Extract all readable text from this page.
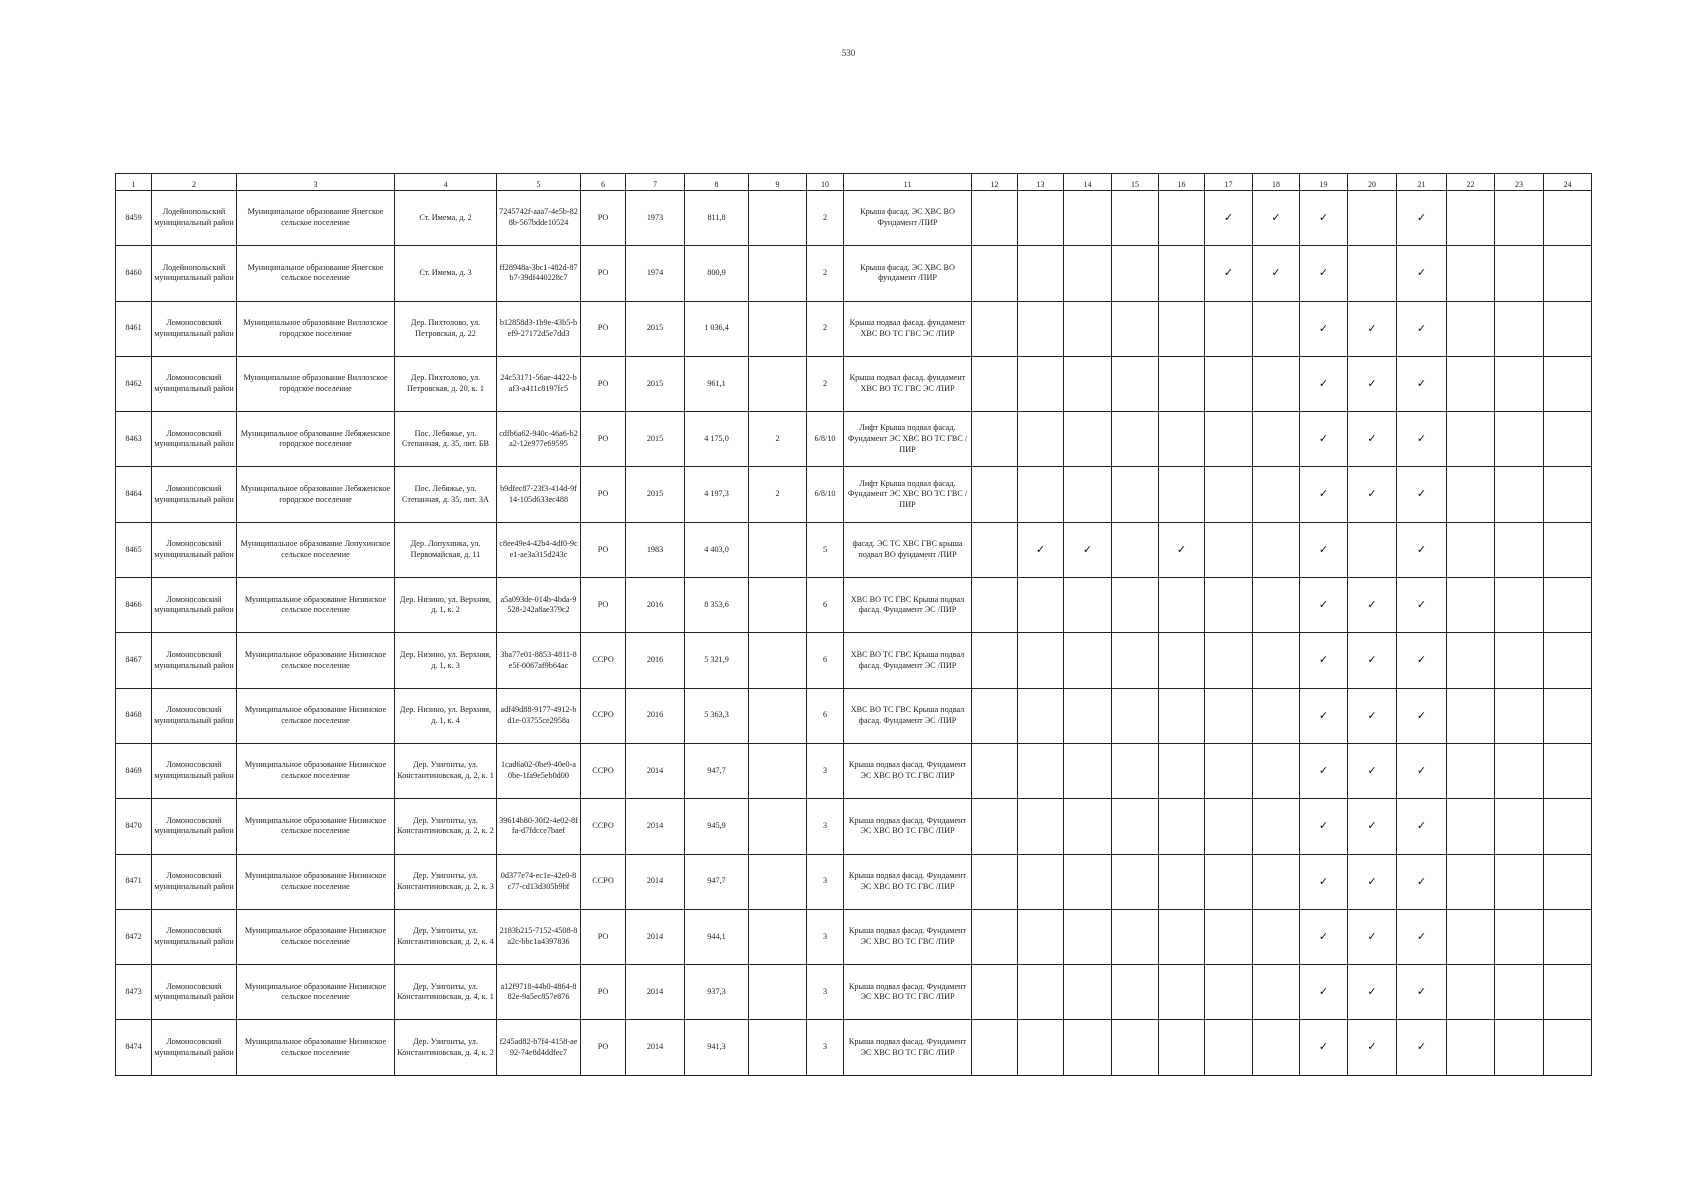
530
1	2	3	4	5	6	7	8	9	10	11	12	13	14	15	16	17	18	19	20	21	22	23	24
8459	Лодейнопольский муниципальный район	Муниципальное образование Янегское сельское поселение	Ст. Имема, д. 2	7245742f-aaa7-4e5b-828b-567bdde10524	РО	1973	811,8		2	Крыша фасад. ЭС ХВС ВО Фундамент /ПИР						✓	✓	✓		✓			
8460	Лодейнопольский муниципальный район	Муниципальное образование Янегское сельское поселение	Ст. Имема, д. 3	ff28948a-3bc1-482d-87b7-39df440228c7	РО	1974	800,9		2	Крыша фасад. ЭС ХВС ВО фундамент /ПИР						✓	✓	✓		✓			
8461	Ломоносовский муниципальный район	Муниципальное образование Виллозское городское поселение	Дер. Пихтолово, ул. Петровская, д. 22	b12858d3-1b9e-43b5-bef9-27172d5e7dd3	РО	2015	1 036,4		2	Крыша подвал фасад. фундамент ХВС ВО ТС ГВС ЭС /ПИР								✓	✓	✓			
8462	Ломоносовский муниципальный район	Муниципальное образование Виллозское городское поселение	Дер. Пихтолово, ул. Петровская, д. 20, к. 1	24c53171-56ae-4422-baf3-a411c8197fc5	РО	2015	961,1		2	Крыша подвал фасад. фундамент ХВС ВО ТС ГВС ЭС /ПИР								✓	✓	✓			
8463	Ломоносовский муниципальный район	Муниципальное образование Лебяженское городское поселение	Пос. Лебяжье, ул. Степанная, д. 35, лит. БВ	cdfb6a62-940c-46a6-b2a2-12e977e69595	РО	2015	4 175,0	2	6/8/10	Лифт Крыша подвал фасад. Фундамент ЭС ХВС ВО ТС ГВС /ПИР								✓	✓	✓			
8464	Ломоносовский муниципальный район	Муниципальное образование Лебяженское городское поселение	Пос. Лебяжье, ул. Степанная, д. 35, лит. ЗА	b9dfec87-23f3-414d-9f14-105d633ec488	РО	2015	4 197,3	2	6/8/10	Лифт Крыша подвал фасад. Фундамент ЭС ХВС ВО ТС ГВС /ПИР								✓	✓	✓			
8465	Ломоносовский муниципальный район	Муниципальное образование Лопухинское сельское поселение	Дер. Лопухинка, ул. Первомайская, д. 11	c8ee49e4-42b4-4df0-9ce1-ae3a315d243c	РО	1983	4 403,0		5	фасад. ЭС ТС ХВС ГВС крыша подвал ВО фундамент /ПИР		✓	✓		✓			✓		✓			
8466	Ломоносовский муниципальный район	Муниципальное образование Низинское сельское поселение	Дер. Низино, ул. Верхняя, д. 1, к. 2	a5a093de-014b-4bda-9528-242a8ae379c2	РО	2016	8 353,6		6	ХВС ВО ТС ГВС Крыша подвал фасад. Фундамент ЭС /ПИР								✓	✓	✓			
8467	Ломоносовский муниципальный район	Муниципальное образование Низинское сельское поселение	Дер. Низино, ул. Верхняя, д. 1, к. 3	3ba77e01-8853-4811-8e5f-0067af9b64ac	ССРО	2016	5 321,9		6	ХВС ВО ТС ГВС Крыша подвал фасад. Фундамент ЭС /ПИР								✓	✓	✓			
8468	Ломоносовский муниципальный район	Муниципальное образование Низинское сельское поселение	Дер. Низино, ул. Верхняя, д. 1, к. 4	adf49d88-9177-4912-bd1e-03755ce2958a	ССРО	2016	5 363,3		6	ХВС ВО ТС ГВС Крыша подвал фасад. Фундамент ЭС /ПИР								✓	✓	✓			
8469	Ломоносовский муниципальный район	Муниципальное образование Низинское сельское поселение	Дер. Узигонты, ул. Константиновская, д. 2, к. 1	1cad6a02-0be9-40e0-a0be-1fa9e5eb0d00	ССРО	2014	947,7		3	Крыша подвал фасад. Фундамент ЭС ХВС ВО ТС ГВС /ПИР								✓	✓	✓			
8470	Ломоносовский муниципальный район	Муниципальное образование Низинское сельское поселение	Дер. Узигонты, ул. Константиновская, д. 2, к. 2	39614b80-30f2-4e02-8ffa-d7fdcce7baef	ССРО	2014	945,9		3	Крыша подвал фасад. Фундамент ЭС ХВС ВО ТС ГВС /ПИР								✓	✓	✓			
8471	Ломоносовский муниципальный район	Муниципальное образование Низинское сельское поселение	Дер. Узигонты, ул. Константиновская, д. 2, к. 3	0d377e74-ec1e-42e0-8c77-cd13d305b9bf	ССРО	2014	947,7		3	Крыша подвал фасад. Фундамент ЭС ХВС ВО ТС ГВС /ПИР								✓	✓	✓			
8472	Ломоносовский муниципальный район	Муниципальное образование Низинское сельское поселение	Дер. Узигонты, ул. Константиновская, д. 2, к. 4	2183b215-7152-4508-8a2c-bbc1a4397836	РО	2014	944,1		3	Крыша подвал фасад. Фундамент ЭС ХВС ВО ТС ГВС /ПИР								✓	✓	✓			
8473	Ломоносовский муниципальный район	Муниципальное образование Низинское сельское поселение	Дер. Узигонты, ул. Константиновская, д. 4, к. 1	a12f9718-44b0-4864-882e-9a5ec857e876	РО	2014	937,3		3	Крыша подвал фасад. Фундамент ЭС ХВС ВО ТС ГВС /ПИР								✓	✓	✓			
8474	Ломоносовский муниципальный район	Муниципальное образование Низинское сельское поселение	Дер. Узигонты, ул. Константиновская, д. 4, к. 2	f245ad82-b7f4-4158-ae92-74e8d4ddfec7	РО	2014	941,3		3	Крыша подвал фасад. Фундамент ЭС ХВС ВО ТС ГВС /ПИР								✓	✓	✓			
